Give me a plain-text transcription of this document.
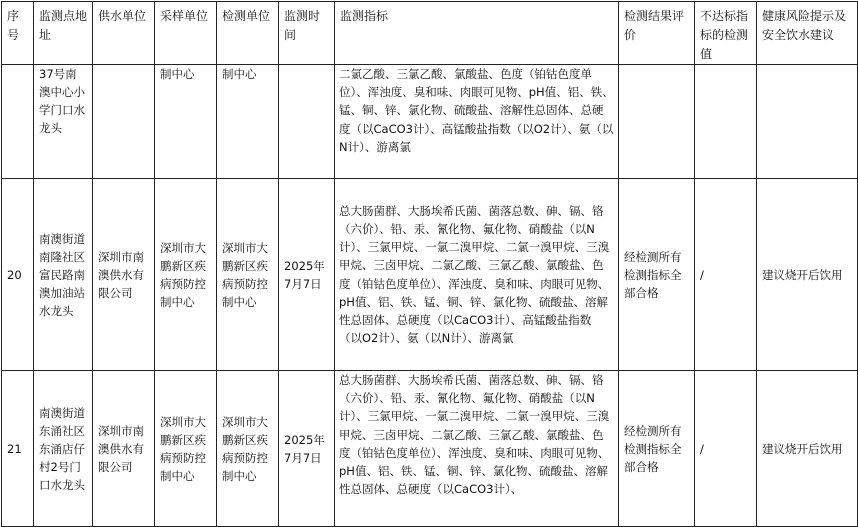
序号	监测点地址	供水单位	采样单位	检测单位	监测时间	监测指标	检测结果评价	不达标指标的检测值	健康风险提示及安全饮水建议
	37号南澳中心小学门口水龙头		制中心	制中心		二氯乙酸、三氯乙酸、氯酸盐、色度（铂钴色度单位）、浑浊度、臭和味、肉眼可见物、pH值、铝、铁、锰、铜、锌、氯化物、硫酸盐、溶解性总固体、总硬度（以CaCO3计）、高锰酸盐指数（以O2计）、氨（以N计）、游离氯			
20	南澳街道南隆社区富民路南澳加油站水龙头	深圳市南澳供水有限公司	深圳市大鹏新区疾病预防控制中心	深圳市大鹏新区疾病预防控制中心	2025年7月7日	总大肠菌群、大肠埃希氏菌、菌落总数、砷、镉、铬（六价）、铅、汞、氰化物、氟化物、硝酸盐（以N计）、三氯甲烷、一氯二溴甲烷、二氯一溴甲烷、三溴甲烷、三卤甲烷、二氯乙酸、三氯乙酸、氯酸盐、色度（铂钴色度单位）、浑浊度、臭和味、肉眼可见物、pH值、铝、铁、锰、铜、锌、氯化物、硫酸盐、溶解性总固体、总硬度（以CaCO3计）、高锰酸盐指数（以O2计）、氨（以N计）、游离氯	经检测所有检测指标全部合格	/	建议烧开后饮用
21	南澳街道东涌社区东涌店仔村2号门口水龙头	深圳市南澳供水有限公司	深圳市大鹏新区疾病预防控制中心	深圳市大鹏新区疾病预防控制中心	2025年7月7日	总大肠菌群、大肠埃希氏菌、菌落总数、砷、镉、铬（六价）、铅、汞、氰化物、氟化物、硝酸盐（以N计）、三氯甲烷、一氯二溴甲烷、二氯一溴甲烷、三溴甲烷、三卤甲烷、二氯乙酸、三氯乙酸、氯酸盐、色度（铂钴色度单位）、浑浊度、臭和味、肉眼可见物、pH值、铝、铁、锰、铜、锌、氯化物、硫酸盐、溶解性总固体、总硬度（以CaCO3计）、	经检测所有检测指标全部合格	/	建议烧开后饮用
